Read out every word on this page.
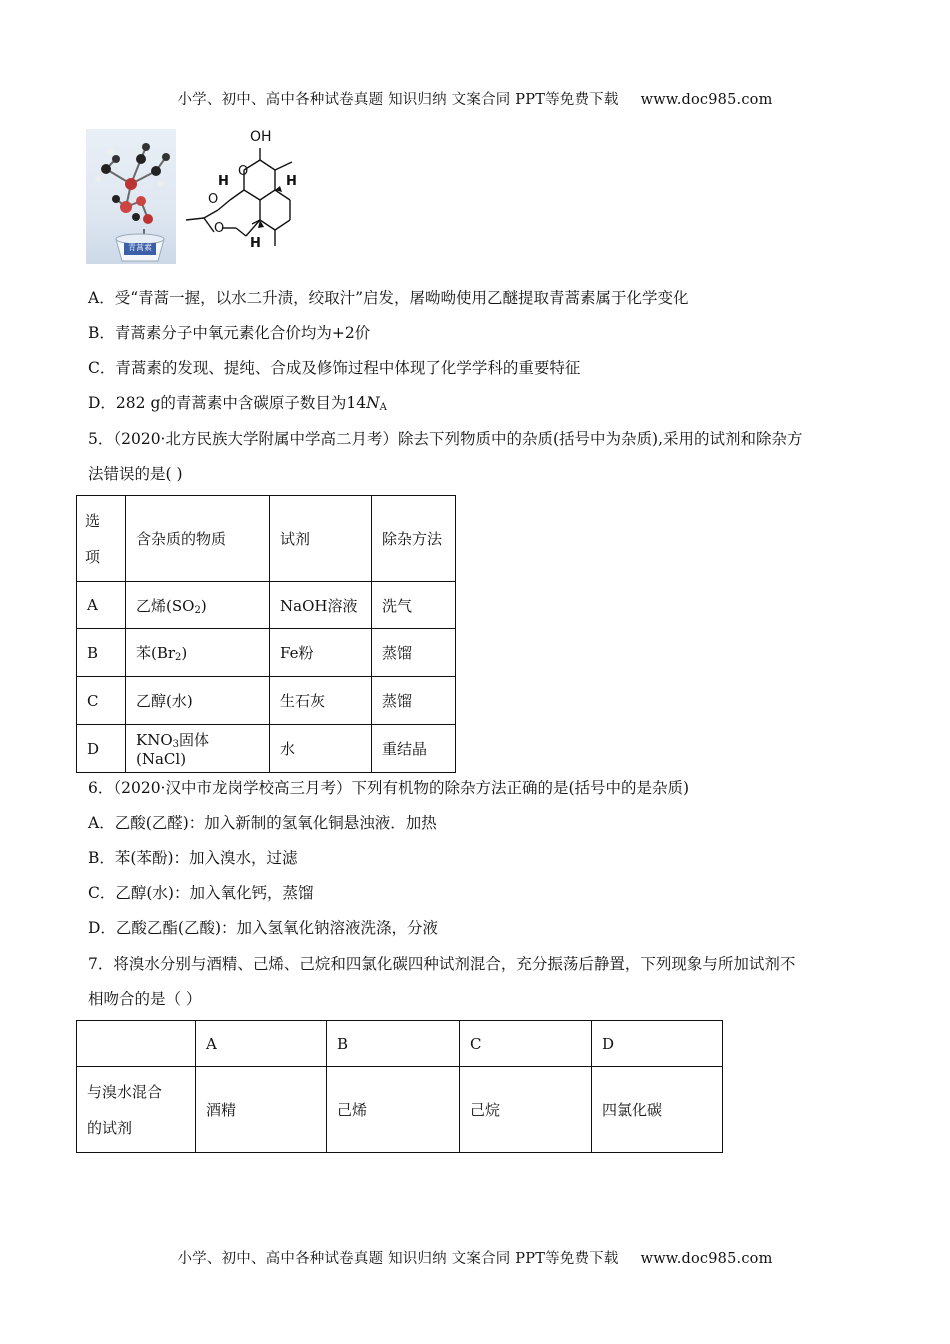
小学、初中、高中各种试卷真题 知识归纳 文案合同 PPT等免费下载 www.doc985.com
青蒿素
OH
O
H
O
O
H
H
A．受“青蒿一握，以水二升渍，绞取汁”启发，屠呦呦使用乙醚提取青蒿素属于化学变化
B．青蒿素分子中氧元素化合价均为+2价
C．青蒿素的发现、提纯、合成及修饰过程中体现了化学学科的重要特征
D．282 g的青蒿素中含碳原子数目为14NA
5．（2020·北方民族大学附属中学高二月考）除去下列物质中的杂质(括号中为杂质),采用的试剂和除杂方
法错误的是( )
选
项	含杂质的物质	试剂	除杂方法
A	乙烯$(SO_2)$	NaOH溶液	洗气
B	苯$(Br_2)$	Fe粉	蒸馏
C	乙醇(水)	生石灰	蒸馏
D	$KNO_3$固体(NaCl)	水	重结晶
6．（2020·汉中市龙岗学校高三月考）下列有机物的除杂方法正确的是(括号中的是杂质)
A．乙酸(乙醛)：加入新制的氢氧化铜悬浊液．加热
B．苯(苯酚)：加入溴水，过滤
C．乙醇(水)：加入氧化钙，蒸馏
D．乙酸乙酯(乙酸)：加入氢氧化钠溶液洗涤，分液
7．将溴水分别与酒精、己烯、己烷和四氯化碳四种试剂混合，充分振荡后静置，下列现象与所加试剂不
相吻合的是（ ）
	A	B	C	D
与溴水混合
的试剂	酒精	己烯	己烷	四氯化碳
小学、初中、高中各种试卷真题 知识归纳 文案合同 PPT等免费下载 www.doc985.com
